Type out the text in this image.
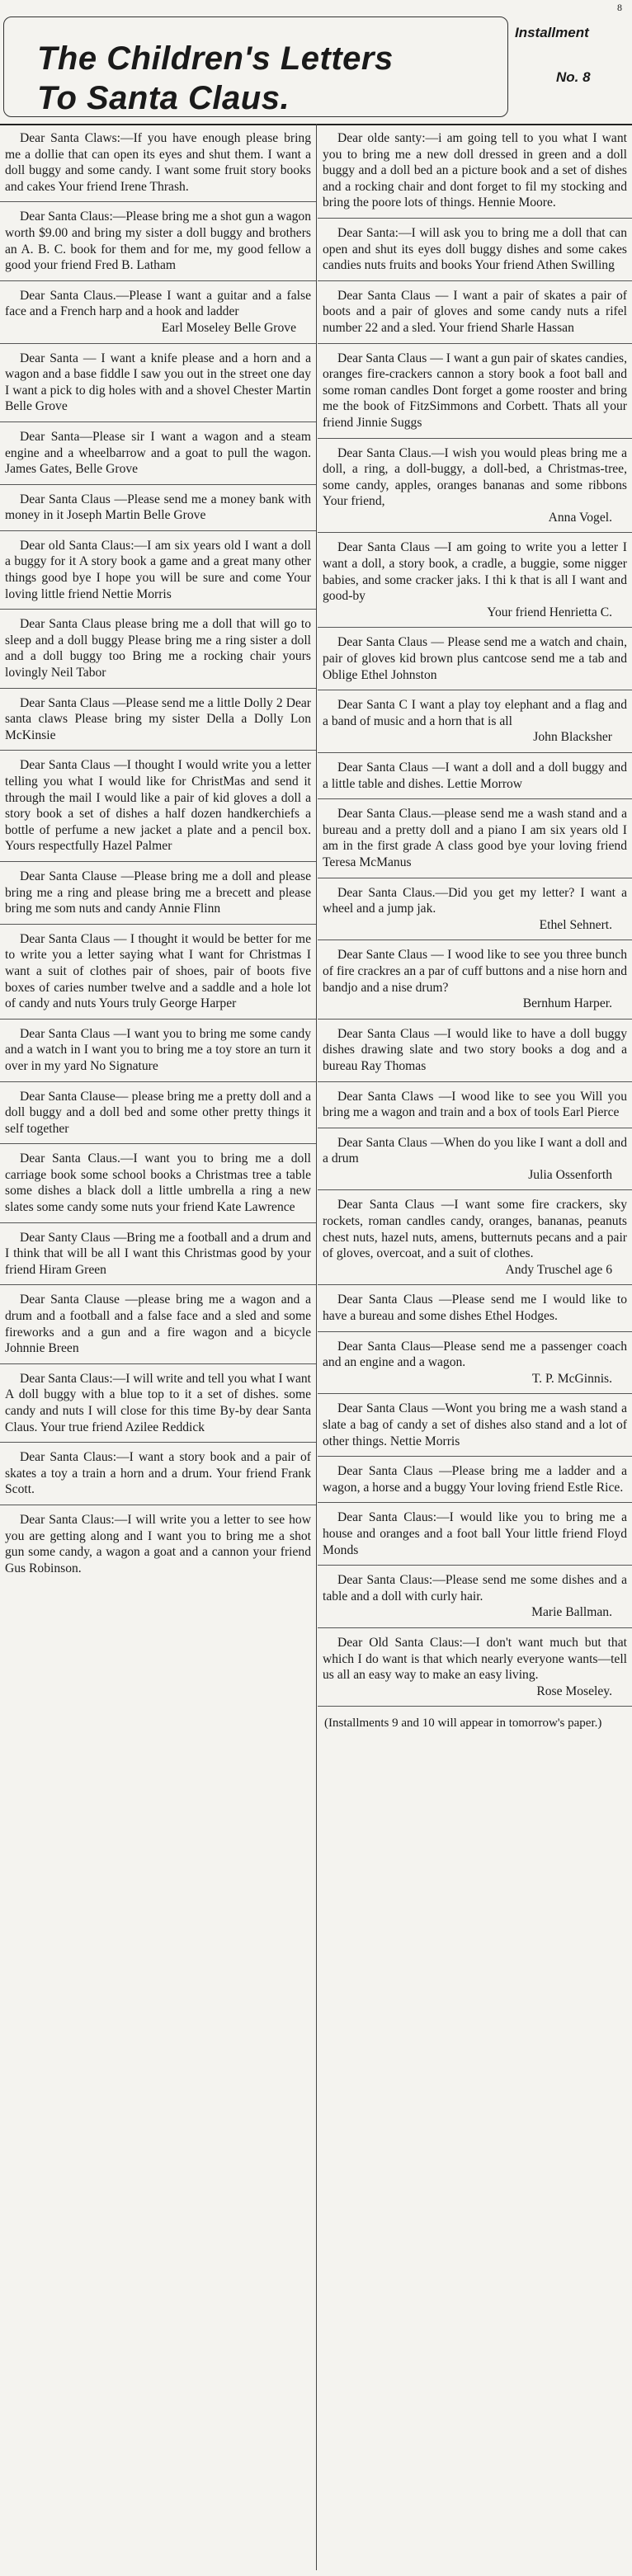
The Children's Letters
To Santa Claus.
Installment
No. 8
8

Dear Santa Claws:—If you have enough please bring me a dollie that can open its eyes and shut them. I want a doll buggy and some candy. I want some fruit story books and cakes Your friend Irene Thrash.

Dear Santa Claus:—Please bring me a shot gun a wagon worth $9.00 and bring my sister a doll buggy and brothers an A. B. C. book for them and for me, my good fellow a good your friend Fred B. Latham

Dear Santa Claus.—Please I want a guitar and a false face and a French harp and a hook and ladder

Earl Moseley Belle Grove

Dear Santa — I want a knife please and a horn and a wagon and a base fiddle I saw you out in the street one day I want a pick to dig holes with and a shovel Chester Martin Belle Grove

Dear Santa—Please sir I want a wagon and a steam engine and a wheelbarrow and a goat to pull the wagon. James Gates, Belle Grove

Dear Santa Claus —Please send me a money bank with money in it Joseph Martin Belle Grove

Dear old Santa Claus:—I am six years old I want a doll a buggy for it A story book a game and a great many other things good bye I hope you will be sure and come Your loving little friend Nettie Morris

Dear Santa Claus please bring me a doll that will go to sleep and a doll buggy Please bring me a ring sister a doll and a doll buggy too Bring me a rocking chair yours lovingly Neil Tabor

Dear Santa Claus —Please send me a little Dolly 2 Dear santa claws Please bring my sister Della a Dolly Lon McKinsie

Dear Santa Claus —I thought I would write you a letter telling you what I would like for ChristMas and send it through the mail I would like a pair of kid gloves a doll a story book a set of dishes a half dozen handkerchiefs a bottle of perfume a new jacket a plate and a pencil box. Yours respectfully Hazel Palmer

Dear Santa Clause —Please bring me a doll and please bring me a ring and please bring me a brecett and please bring me som nuts and candy Annie Flinn

Dear Santa Claus — I thought it would be better for me to write you a letter saying what I want for Christmas I want a suit of clothes pair of shoes, pair of boots five boxes of caries number twelve and a saddle and a hole lot of candy and nuts Yours truly George Harper

Dear Santa Claus —I want you to bring me some candy and a watch in I want you to bring me a toy store an turn it over in my yard No Signature

Dear Santa Clause— please bring me a pretty doll and a doll buggy and a doll bed and some other pretty things it self together

Dear Santa Claus.—I want you to bring me a doll carriage book some school books a Christmas tree a table some dishes a black doll a little umbrella a ring a new slates some candy some nuts your friend Kate Lawrence

Dear Santy Claus —Bring me a football and a drum and I think that will be all I want this Christmas good by your friend Hiram Green

Dear Santa Clause —please bring me a wagon and a drum and a football and a false face and a sled and some fireworks and a gun and a fire wagon and a bicycle Johnnie Breen

Dear Santa Claus:—I will write and tell you what I want A doll buggy with a blue top to it a set of dishes. some candy and nuts I will close for this time By-by dear Santa Claus. Your true friend Azilee Reddick

Dear Santa Claus:—I want a story book and a pair of skates a toy a train a horn and a drum. Your friend Frank Scott.

Dear Santa Claus:—I will write you a letter to see how you are getting along and I want you to bring me a shot gun some candy, a wagon a goat and a cannon your friend Gus Robinson.

Dear olde santy:—i am going tell to you what I want you to bring me a new doll dressed in green and a doll buggy and a doll bed an a picture book and a set of dishes and a rocking chair and dont forget to fil my stocking and bring the poore lots of things. Hennie Moore.

Dear Santa:—I will ask you to bring me a doll that can open and shut its eyes doll buggy dishes and some cakes candies nuts fruits and books Your friend Athen Swilling

Dear Santa Claus — I want a pair of skates a pair of boots and a pair of gloves and some candy nuts a rifel number 22 and a sled. Your friend Sharle Hassan

Dear Santa Claus — I want a gun pair of skates candies, oranges fire-crackers cannon a story book a foot ball and some roman candles Dont forget a gome rooster and bring me the book of FitzSimmons and Corbett. Thats all your friend Jinnie Suggs

Dear Santa Claus.—I wish you would pleas bring me a doll, a ring, a doll-buggy, a doll-bed, a Christmas-tree, some candy, apples, oranges bananas and some ribbons Your friend,

Anna Vogel.

Dear Santa Claus —I am going to write you a letter I want a doll, a story book, a cradle, a buggie, some nigger babies, and some cracker jaks. I thi k that is all I want and good-by

Your friend Henrietta C.

Dear Santa Claus — Please send me a watch and chain, pair of gloves kid brown plus cantcose send me a tab and Oblige Ethel Johnston

Dear Santa C I want a play toy elephant and a flag and a band of music and a horn that is all

John Blacksher

Dear Santa Claus —I want a doll and a doll buggy and a little table and dishes. Lettie Morrow

Dear Santa Claus.—please send me a wash stand and a bureau and a pretty doll and a piano I am six years old I am in the first grade A class good bye your loving friend Teresa McManus

Dear Santa Claus.—Did you get my letter? I want a wheel and a jump jak.

Ethel Sehnert.

Dear Sante Claus — I wood like to see you three bunch of fire crackres an a par of cuff buttons and a nise horn and bandjo and a nise drum?

Bernhum Harper.

Dear Santa Claus —I would like to have a doll buggy dishes drawing slate and two story books a dog and a bureau Ray Thomas

Dear Santa Claws —I wood like to see you Will you bring me a wagon and train and a box of tools Earl Pierce

Dear Santa Claus —When do you like I want a doll and a drum

Julia Ossenforth

Dear Santa Claus —I want some fire crackers, sky rockets, roman candles candy, oranges, bananas, peanuts chest nuts, hazel nuts, amens, butternuts pecans and a pair of gloves, overcoat, and a suit of clothes.

Andy Truschel age 6

Dear Santa Claus —Please send me I would like to have a bureau and some dishes Ethel Hodges.

Dear Santa Claus—Please send me a passenger coach and an engine and a wagon.

T. P. McGinnis.

Dear Santa Claus —Wont you bring me a wash stand a slate a bag of candy a set of dishes also stand and a lot of other things. Nettie Morris

Dear Santa Claus —Please bring me a ladder and a wagon, a horse and a buggy Your loving friend Estle Rice.

Dear Santa Claus:—I would like you to bring me a house and oranges and a foot ball Your little friend Floyd Monds

Dear Santa Claus:—Please send me some dishes and a table and a doll with curly hair.

Marie Ballman.

Dear Old Santa Claus:—I don't want much but that which I do want is that which nearly everyone wants—tell us all an easy way to make an easy living.

Rose Moseley.
(Installments 9 and 10 will appear in tomorrow's paper.)
